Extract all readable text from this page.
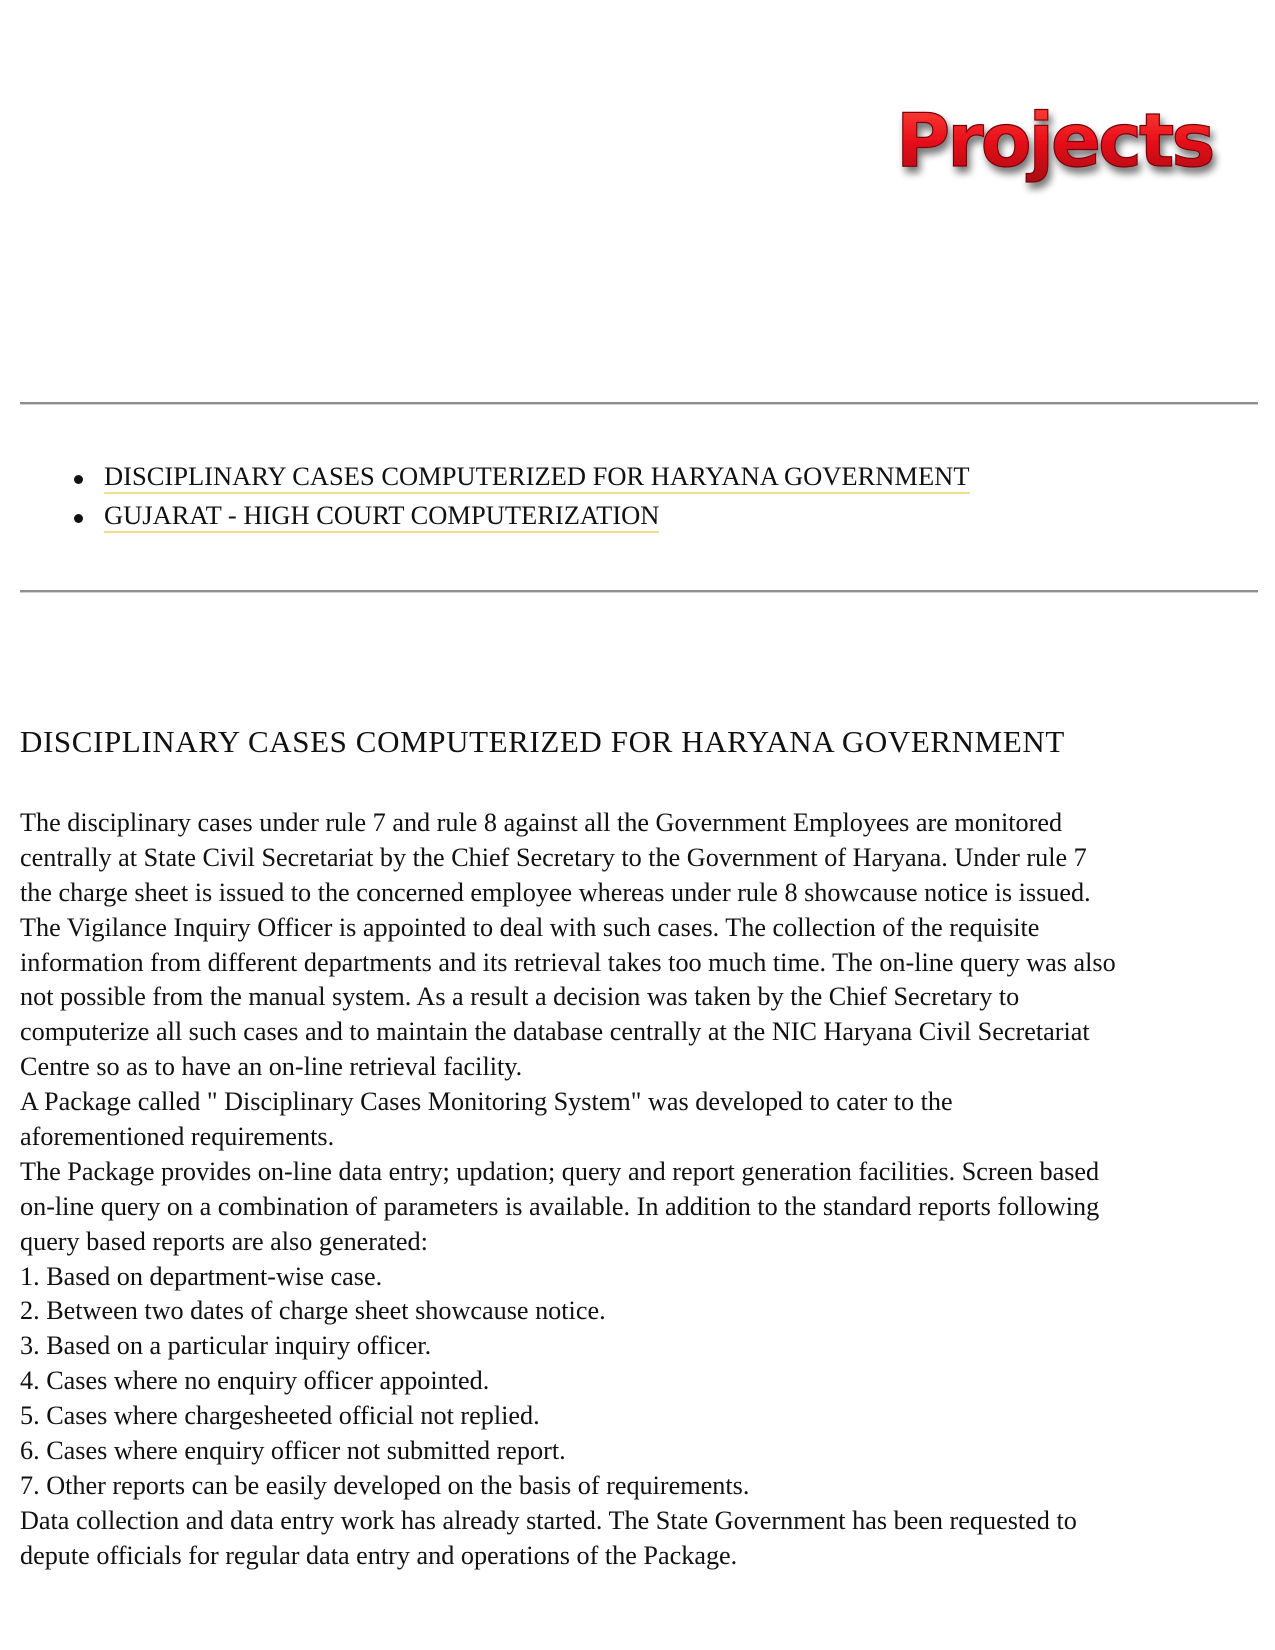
Projects
DISCIPLINARY CASES COMPUTERIZED FOR HARYANA GOVERNMENT
GUJARAT - HIGH COURT COMPUTERIZATION
DISCIPLINARY CASES COMPUTERIZED FOR HARYANA GOVERNMENT
The disciplinary cases under rule 7 and rule 8 against all the Government Employees are monitored
centrally at State Civil Secretariat by the Chief Secretary to the Government of Haryana. Under rule 7
the charge sheet is issued to the concerned employee whereas under rule 8 showcause notice is issued.
The Vigilance Inquiry Officer is appointed to deal with such cases. The collection of the requisite
information from different departments and its retrieval takes too much time. The on-line query was also
not possible from the manual system. As a result a decision was taken by the Chief Secretary to
computerize all such cases and to maintain the database centrally at the NIC Haryana Civil Secretariat
Centre so as to have an on-line retrieval facility.
A Package called " Disciplinary Cases Monitoring System" was developed to cater to the
aforementioned requirements.
The Package provides on-line data entry; updation; query and report generation facilities. Screen based
on-line query on a combination of parameters is available. In addition to the standard reports following
query based reports are also generated:
1. Based on department-wise case.
2. Between two dates of charge sheet showcause notice.
3. Based on a particular inquiry officer.
4. Cases where no enquiry officer appointed.
5. Cases where chargesheeted official not replied.
6. Cases where enquiry officer not submitted report.
7. Other reports can be easily developed on the basis of requirements.
Data collection and data entry work has already started. The State Government has been requested to
depute officials for regular data entry and operations of the Package.
